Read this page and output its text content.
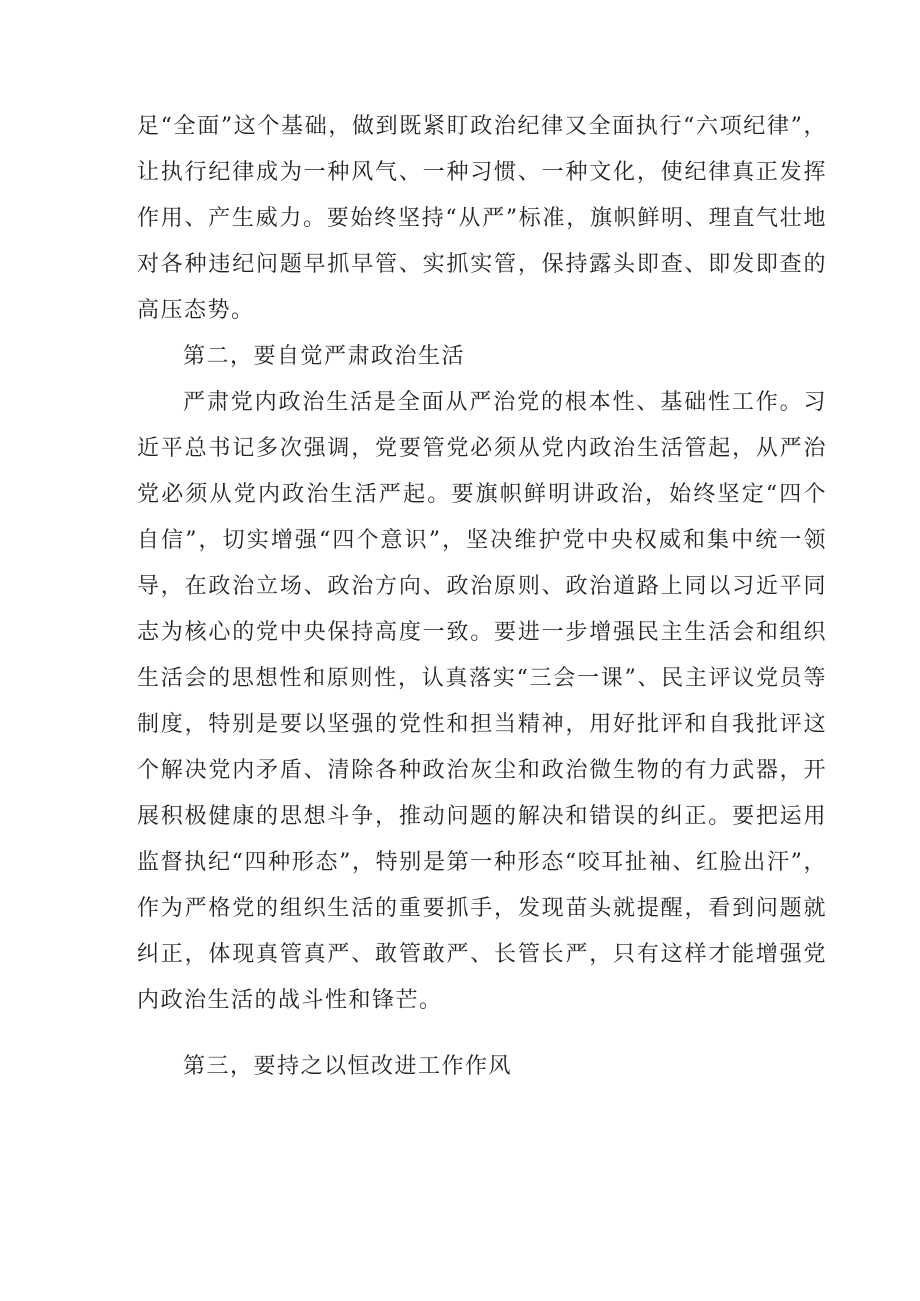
足“全面”这个基础，做到既紧盯政治纪律又全面执行“六项纪律”，让执行纪律成为一种风气、一种习惯、一种文化，使纪律真正发挥作用、产生威力。要始终坚持“从严”标准，旗帜鲜明、理直气壮地对各种违纪问题早抓早管、实抓实管，保持露头即查、即发即查的高压态势。

第二，要自觉严肃政治生活

严肃党内政治生活是全面从严治党的根本性、基础性工作。习近平总书记多次强调，党要管党必须从党内政治生活管起，从严治党必须从党内政治生活严起。要旗帜鲜明讲政治，始终坚定“四个自信”，切实增强“四个意识”，坚决维护党中央权威和集中统一领导，在政治立场、政治方向、政治原则、政治道路上同以习近平同志为核心的党中央保持高度一致。要进一步增强民主生活会和组织生活会的思想性和原则性，认真落实“三会一课”、民主评议党员等制度，特别是要以坚强的党性和担当精神，用好批评和自我批评这个解决党内矛盾、清除各种政治灰尘和政治微生物的有力武器，开展积极健康的思想斗争，推动问题的解决和错误的纠正。要把运用监督执纪“四种形态”，特别是第一种形态“咬耳扯袖、红脸出汗”，作为严格党的组织生活的重要抓手，发现苗头就提醒，看到问题就纠正，体现真管真严、敢管敢严、长管长严，只有这样才能增强党内政治生活的战斗性和锋芒。

第三，要持之以恒改进工作作风
